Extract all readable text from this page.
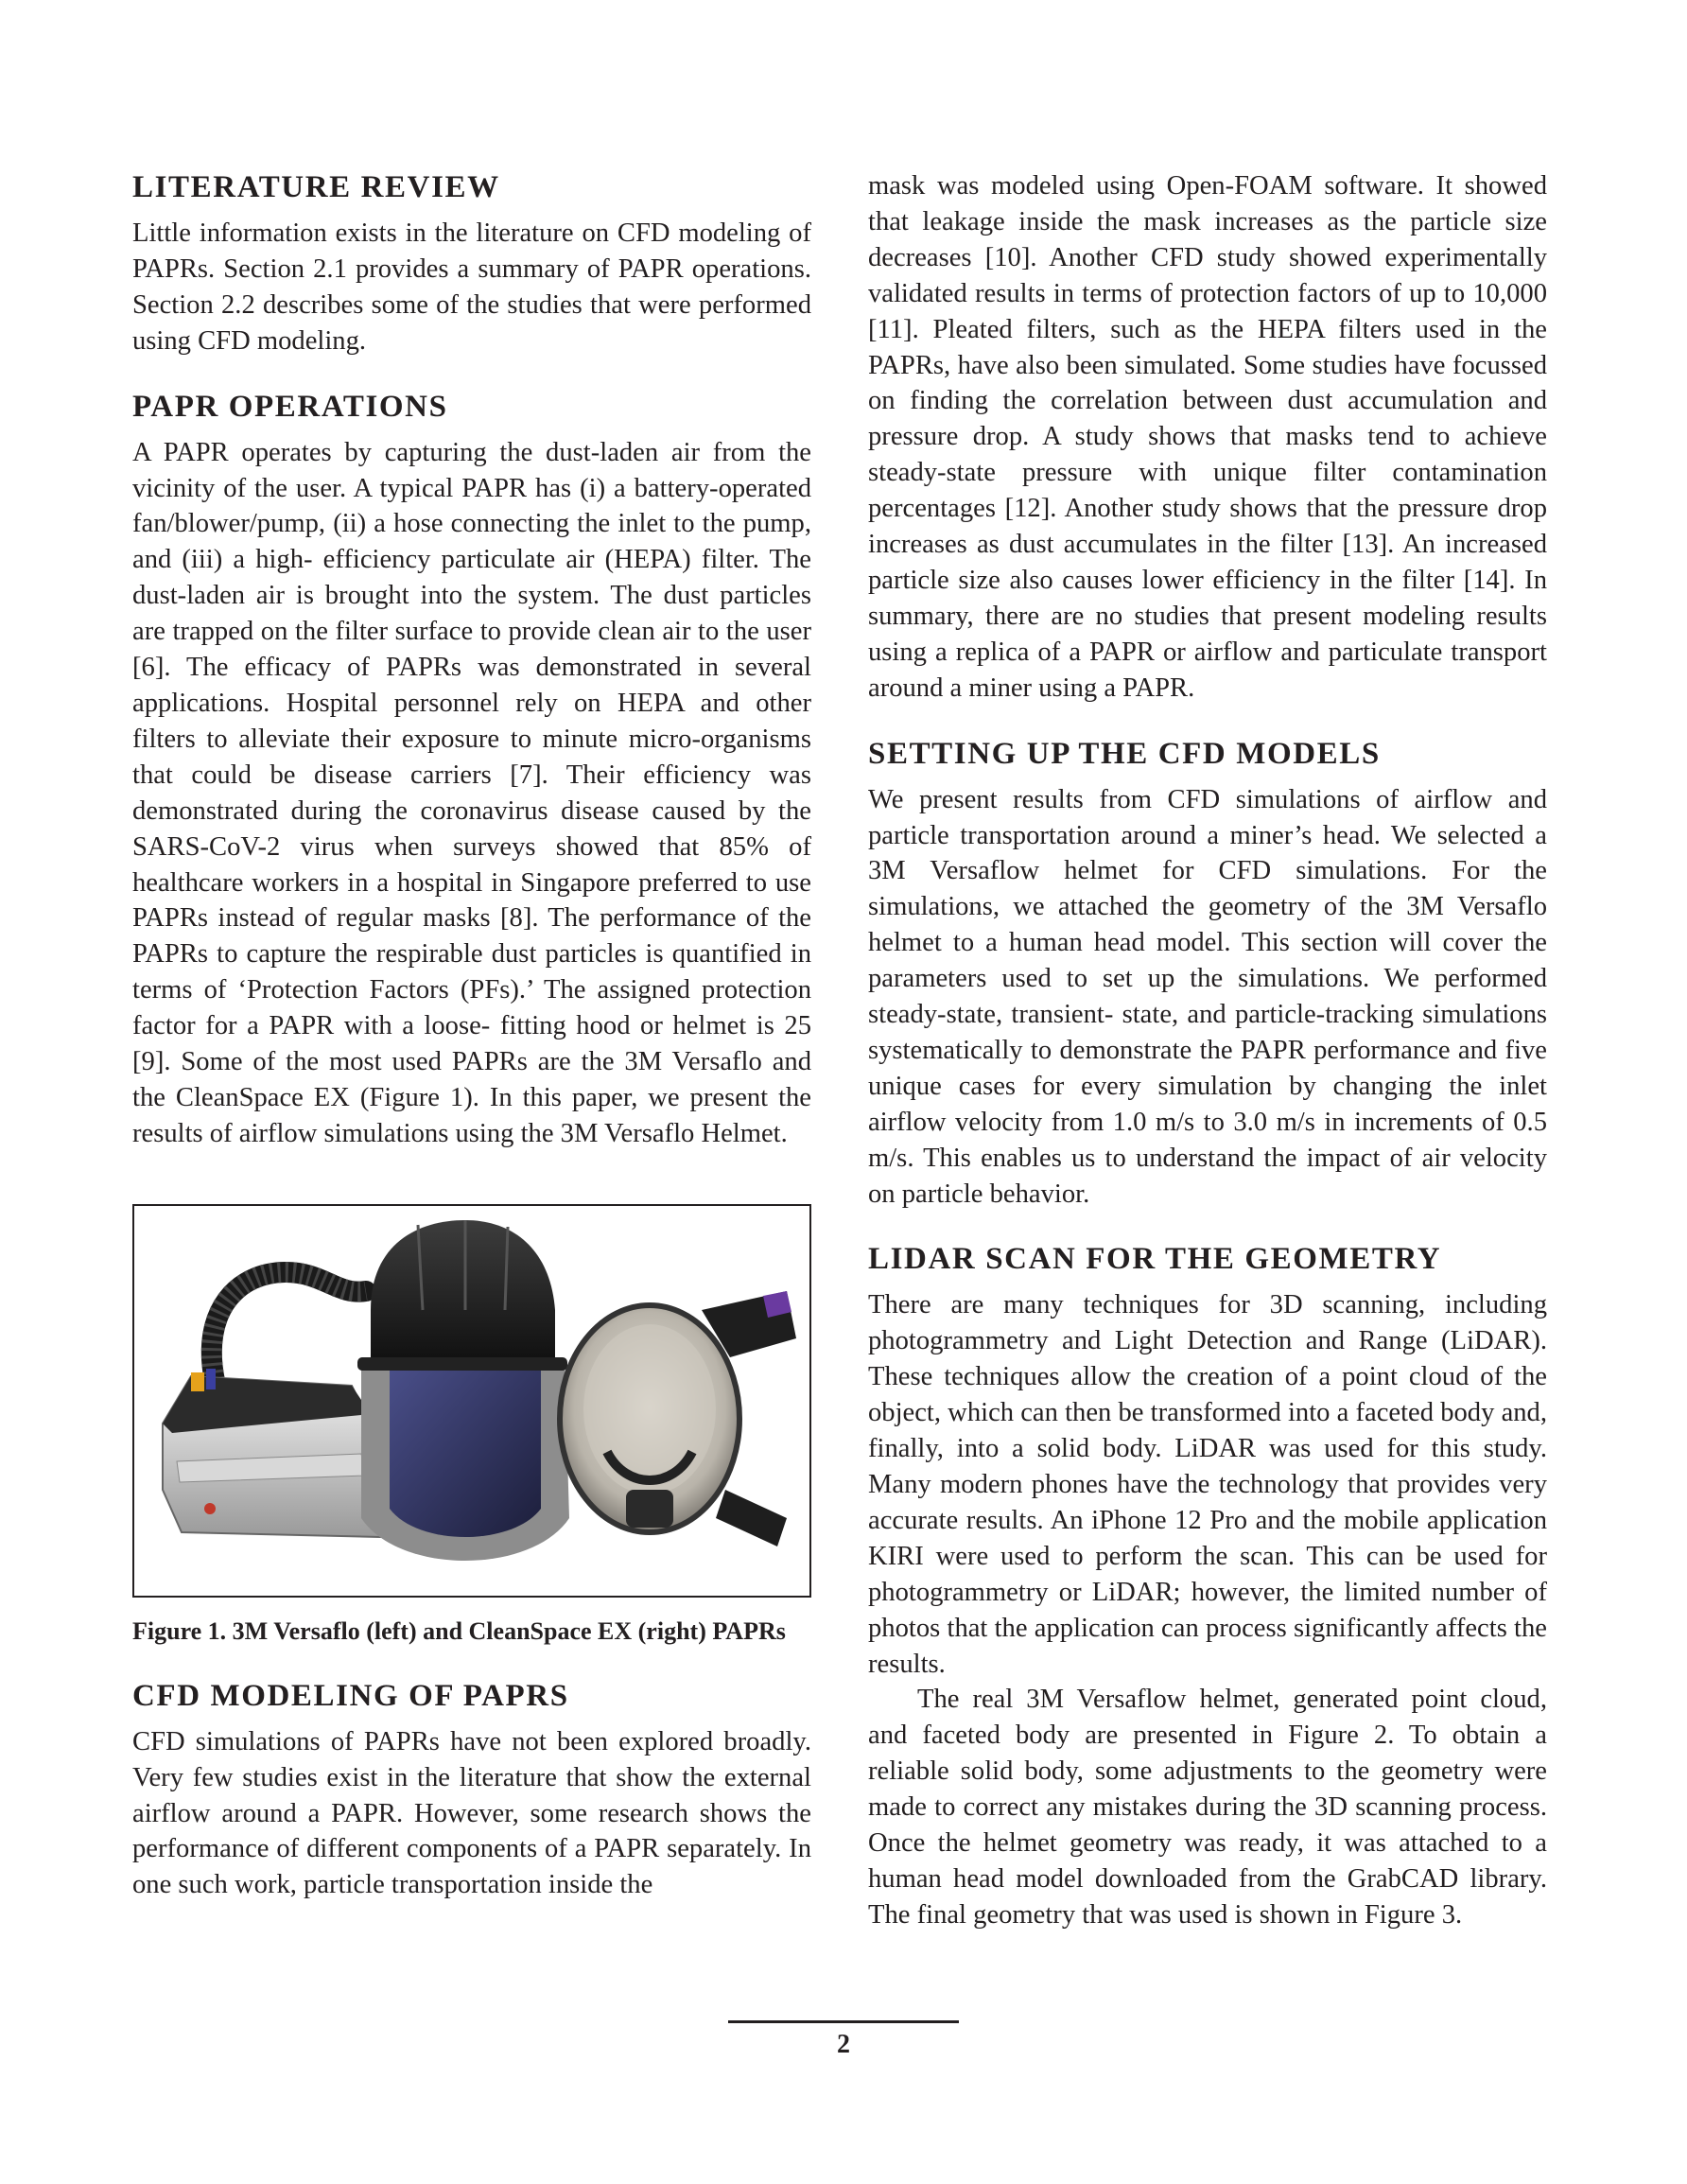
LITERATURE REVIEW

Little information exists in the literature on CFD modeling of PAPRs. Section 2.1 provides a summary of PAPR operations. Section 2.2 describes some of the studies that were performed using CFD modeling.

PAPR OPERATIONS

A PAPR operates by capturing the dust-laden air from the vicinity of the user. A typical PAPR has (i) a battery-operated fan/blower/pump, (ii) a hose connecting the inlet to the pump, and (iii) a high- efficiency particulate air (HEPA) filter. The dust-laden air is brought into the system. The dust particles are trapped on the filter surface to provide clean air to the user [6]. The efficacy of PAPRs was demonstrated in several applications. Hospital personnel rely on HEPA and other filters to alleviate their exposure to minute micro-organisms that could be disease carriers [7]. Their efficiency was demonstrated during the coronavirus disease caused by the SARS-CoV-2 virus when surveys showed that 85% of healthcare workers in a hospital in Singapore preferred to use PAPRs instead of regular masks [8]. The performance of the PAPRs to capture the respirable dust particles is quantified in terms of ‘Protection Factors (PFs).’ The assigned protection factor for a PAPR with a loose- fitting hood or helmet is 25 [9]. Some of the most used PAPRs are the 3M Versaflo and the CleanSpace EX (Figure 1). In this paper, we present the results of airflow simulations using the 3M Versaflo Helmet.

Figure 1. 3M Versaflo (left) and CleanSpace EX (right) PAPRs
CFD MODELING OF PAPRS

CFD simulations of PAPRs have not been explored broadly. Very few studies exist in the literature that show the external airflow around a PAPR. However, some research shows the performance of different components of a PAPR separately. In one such work, particle transportation inside the

mask was modeled using Open-FOAM software. It showed that leakage inside the mask increases as the particle size decreases [10]. Another CFD study showed experimentally validated results in terms of protection factors of up to 10,000 [11]. Pleated filters, such as the HEPA filters used in the PAPRs, have also been simulated. Some studies have focussed on finding the correlation between dust accumulation and pressure drop. A study shows that masks tend to achieve steady-state pressure with unique filter contamination percentages [12]. Another study shows that the pressure drop increases as dust accumulates in the filter [13]. An increased particle size also causes lower efficiency in the filter [14]. In summary, there are no studies that present modeling results using a replica of a PAPR or airflow and particulate transport around a miner using a PAPR.

SETTING UP THE CFD MODELS

We present results from CFD simulations of airflow and particle transportation around a miner’s head. We selected a 3M Versaflow helmet for CFD simulations. For the simulations, we attached the geometry of the 3M Versaflo helmet to a human head model. This section will cover the parameters used to set up the simulations. We performed steady-state, transient- state, and particle-tracking simulations systematically to demonstrate the PAPR performance and five unique cases for every simulation by changing the inlet airflow velocity from 1.0 m/s to 3.0 m/s in increments of 0.5 m/s. This enables us to understand the impact of air velocity on particle behavior.

LIDAR SCAN FOR THE GEOMETRY

There are many techniques for 3D scanning, including photogrammetry and Light Detection and Range (LiDAR). These techniques allow the creation of a point cloud of the object, which can then be transformed into a faceted body and, finally, into a solid body. LiDAR was used for this study. Many modern phones have the technology that provides very accurate results. An iPhone 12 Pro and the mobile application KIRI were used to perform the scan. This can be used for photogrammetry or LiDAR; however, the limited number of photos that the application can process significantly affects the results.

The real 3M Versaflow helmet, generated point cloud, and faceted body are presented in Figure 2. To obtain a reliable solid body, some adjustments to the geometry were made to correct any mistakes during the 3D scanning process. Once the helmet geometry was ready, it was attached to a human head model downloaded from the GrabCAD library. The final geometry that was used is shown in Figure 3.

2
